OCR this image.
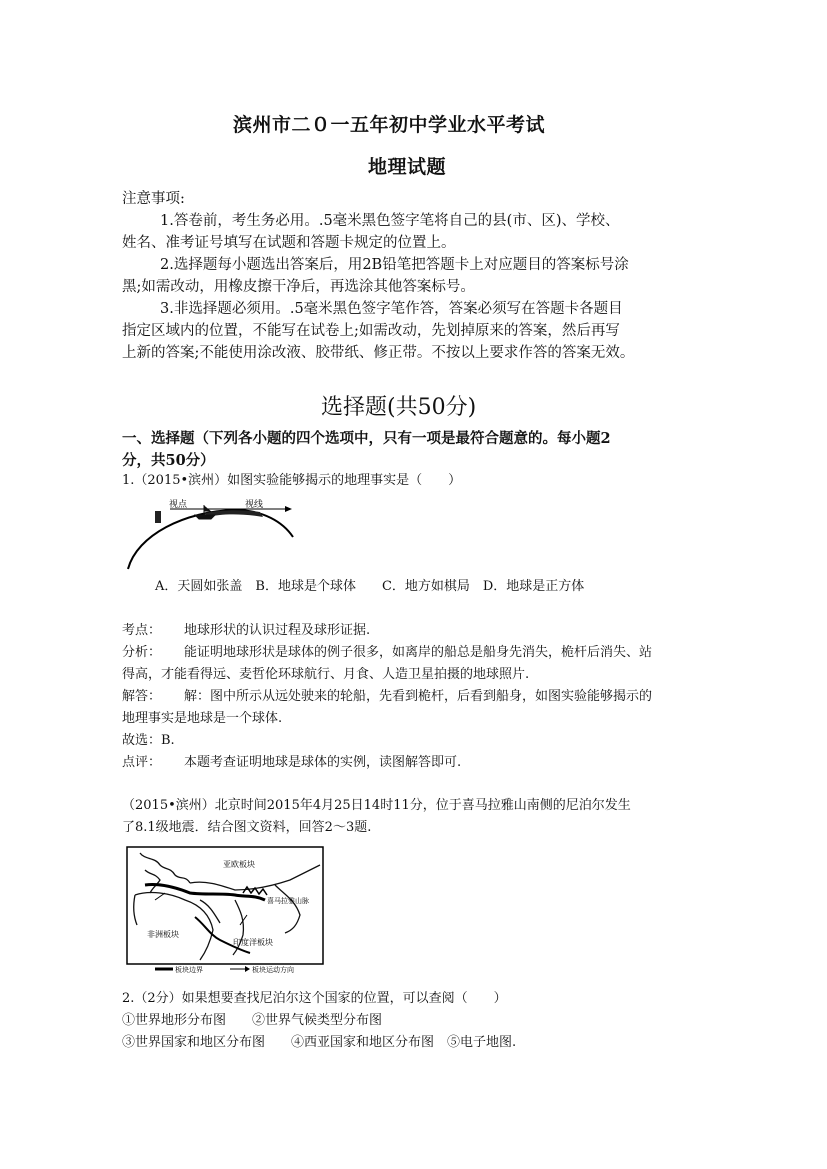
滨州市二０一五年初中学业水平考试
地理试题
注意事项:
1.答卷前，考生务必用。.5毫米黑色签字笔将自己的县(市、区)、学校、
姓名、准考证号填写在试题和答题卡规定的位置上。
2.选择题每小题选出答案后，用2B铅笔把答题卡上对应题目的答案标号涂
黑;如需改动，用橡皮擦干净后，再选涂其他答案标号。
3.非选择题必须用。.5毫米黑色签字笔作答，答案必须写在答题卡各题目
指定区域内的位置，不能写在试卷上;如需改动，先划掉原来的答案，然后再写
上新的答案;不能使用涂改液、胶带纸、修正带。不按以上要求作答的答案无效。
选择题(共50分)
一、选择题（下列各小题的四个选项中，只有一项是最符合题意的。每小题2
分，共50分）
1.（2015•滨州）如图实验能够揭示的地理事实是（　　）
视点	视线
A．天圆如张盖　B．地球是个球体　　C．地方如棋局　D．地球是正方体
考点： 地球形状的认识过程及球形证据.
分析： 能证明地球形状是球体的例子很多，如离岸的船总是船身先消失，桅杆后消失、站
得高，才能看得远、麦哲伦环球航行、月食、人造卫星拍摄的地球照片.
解答： 解：图中所示从远处驶来的轮船，先看到桅杆，后看到船身，如图实验能够揭示的
地理事实是地球是一个球体.
故选：B.
点评： 本题考查证明地球是球体的实例，读图解答即可.
（2015•滨州）北京时间2015年4月25日14时11分，位于喜马拉雅山南侧的尼泊尔发生
了8.1级地震．结合图文资料，回答2～3题.
亚欧板块
非洲板块
印度洋板块
喜马拉雅山脉
板块边界	板块运动方向
2.（2分）如果想要查找尼泊尔这个国家的位置，可以查阅（　　）
①世界地形分布图　　②世界气候类型分布图
③世界国家和地区分布图　　④西亚国家和地区分布图　⑤电子地图.
